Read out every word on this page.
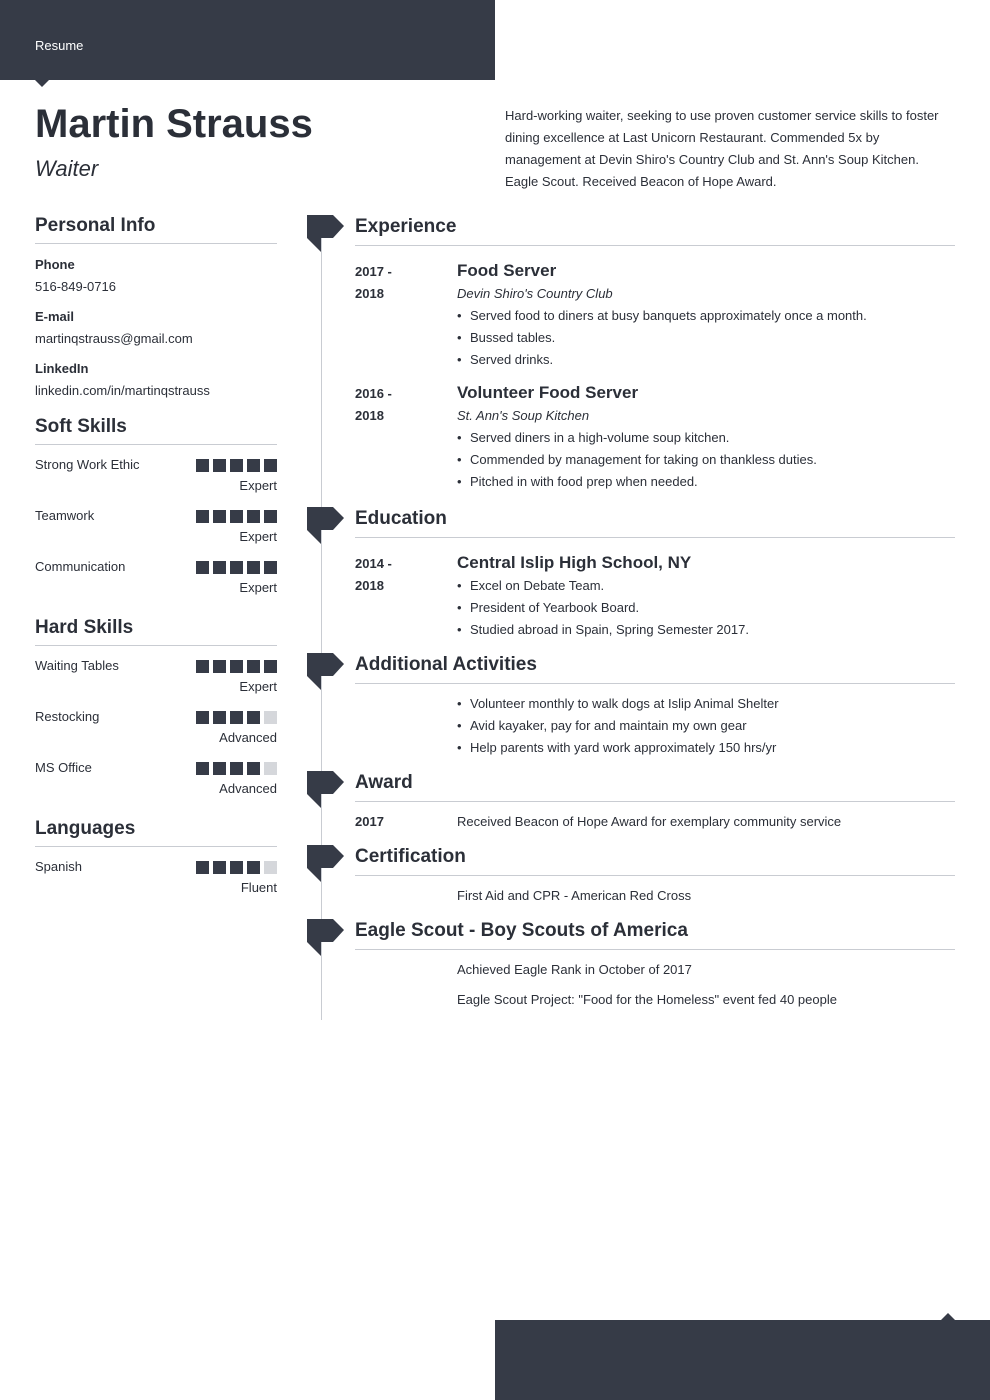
Resume
Martin Strauss
Waiter

Hard-working waiter, seeking to use proven customer service skills to foster dining excellence at Last Unicorn Restaurant. Commended 5x by management at Devin Shiro's Country Club and St. Ann's Soup Kitchen. Eagle Scout. Received Beacon of Hope Award.

Personal Info
Phone
516-849-0716
E-mail
martinqstrauss@gmail.com
LinkedIn
linkedin.com/in/martinqstrauss
Soft Skills
Strong Work Ethic
Expert
Teamwork
Expert
Communication
Expert
Hard Skills
Waiting Tables
Expert
Restocking
Advanced
MS Office
Advanced
Languages
Spanish
Fluent
Experience
2017 -
2018
Food Server
Devin Shiro's Country Club
• Served food to diners at busy banquets approximately once a month.
• Bussed tables.
• Served drinks.
2016 -
2018
Volunteer Food Server
St. Ann's Soup Kitchen
• Served diners in a high-volume soup kitchen.
• Commended by management for taking on thankless duties.
• Pitched in with food prep when needed.
Education
2014 -
2018
Central Islip High School, NY
• Excel on Debate Team.
• President of Yearbook Board.
• Studied abroad in Spain, Spring Semester 2017.
Additional Activities
• Volunteer monthly to walk dogs at Islip Animal Shelter
• Avid kayaker, pay for and maintain my own gear
• Help parents with yard work approximately 150 hrs/yr
Award
2017	Received Beacon of Hope Award for exemplary community service
Certification
First Aid and CPR - American Red Cross
Eagle Scout - Boy Scouts of America
Achieved Eagle Rank in October of 2017
Eagle Scout Project: "Food for the Homeless" event fed 40 people
